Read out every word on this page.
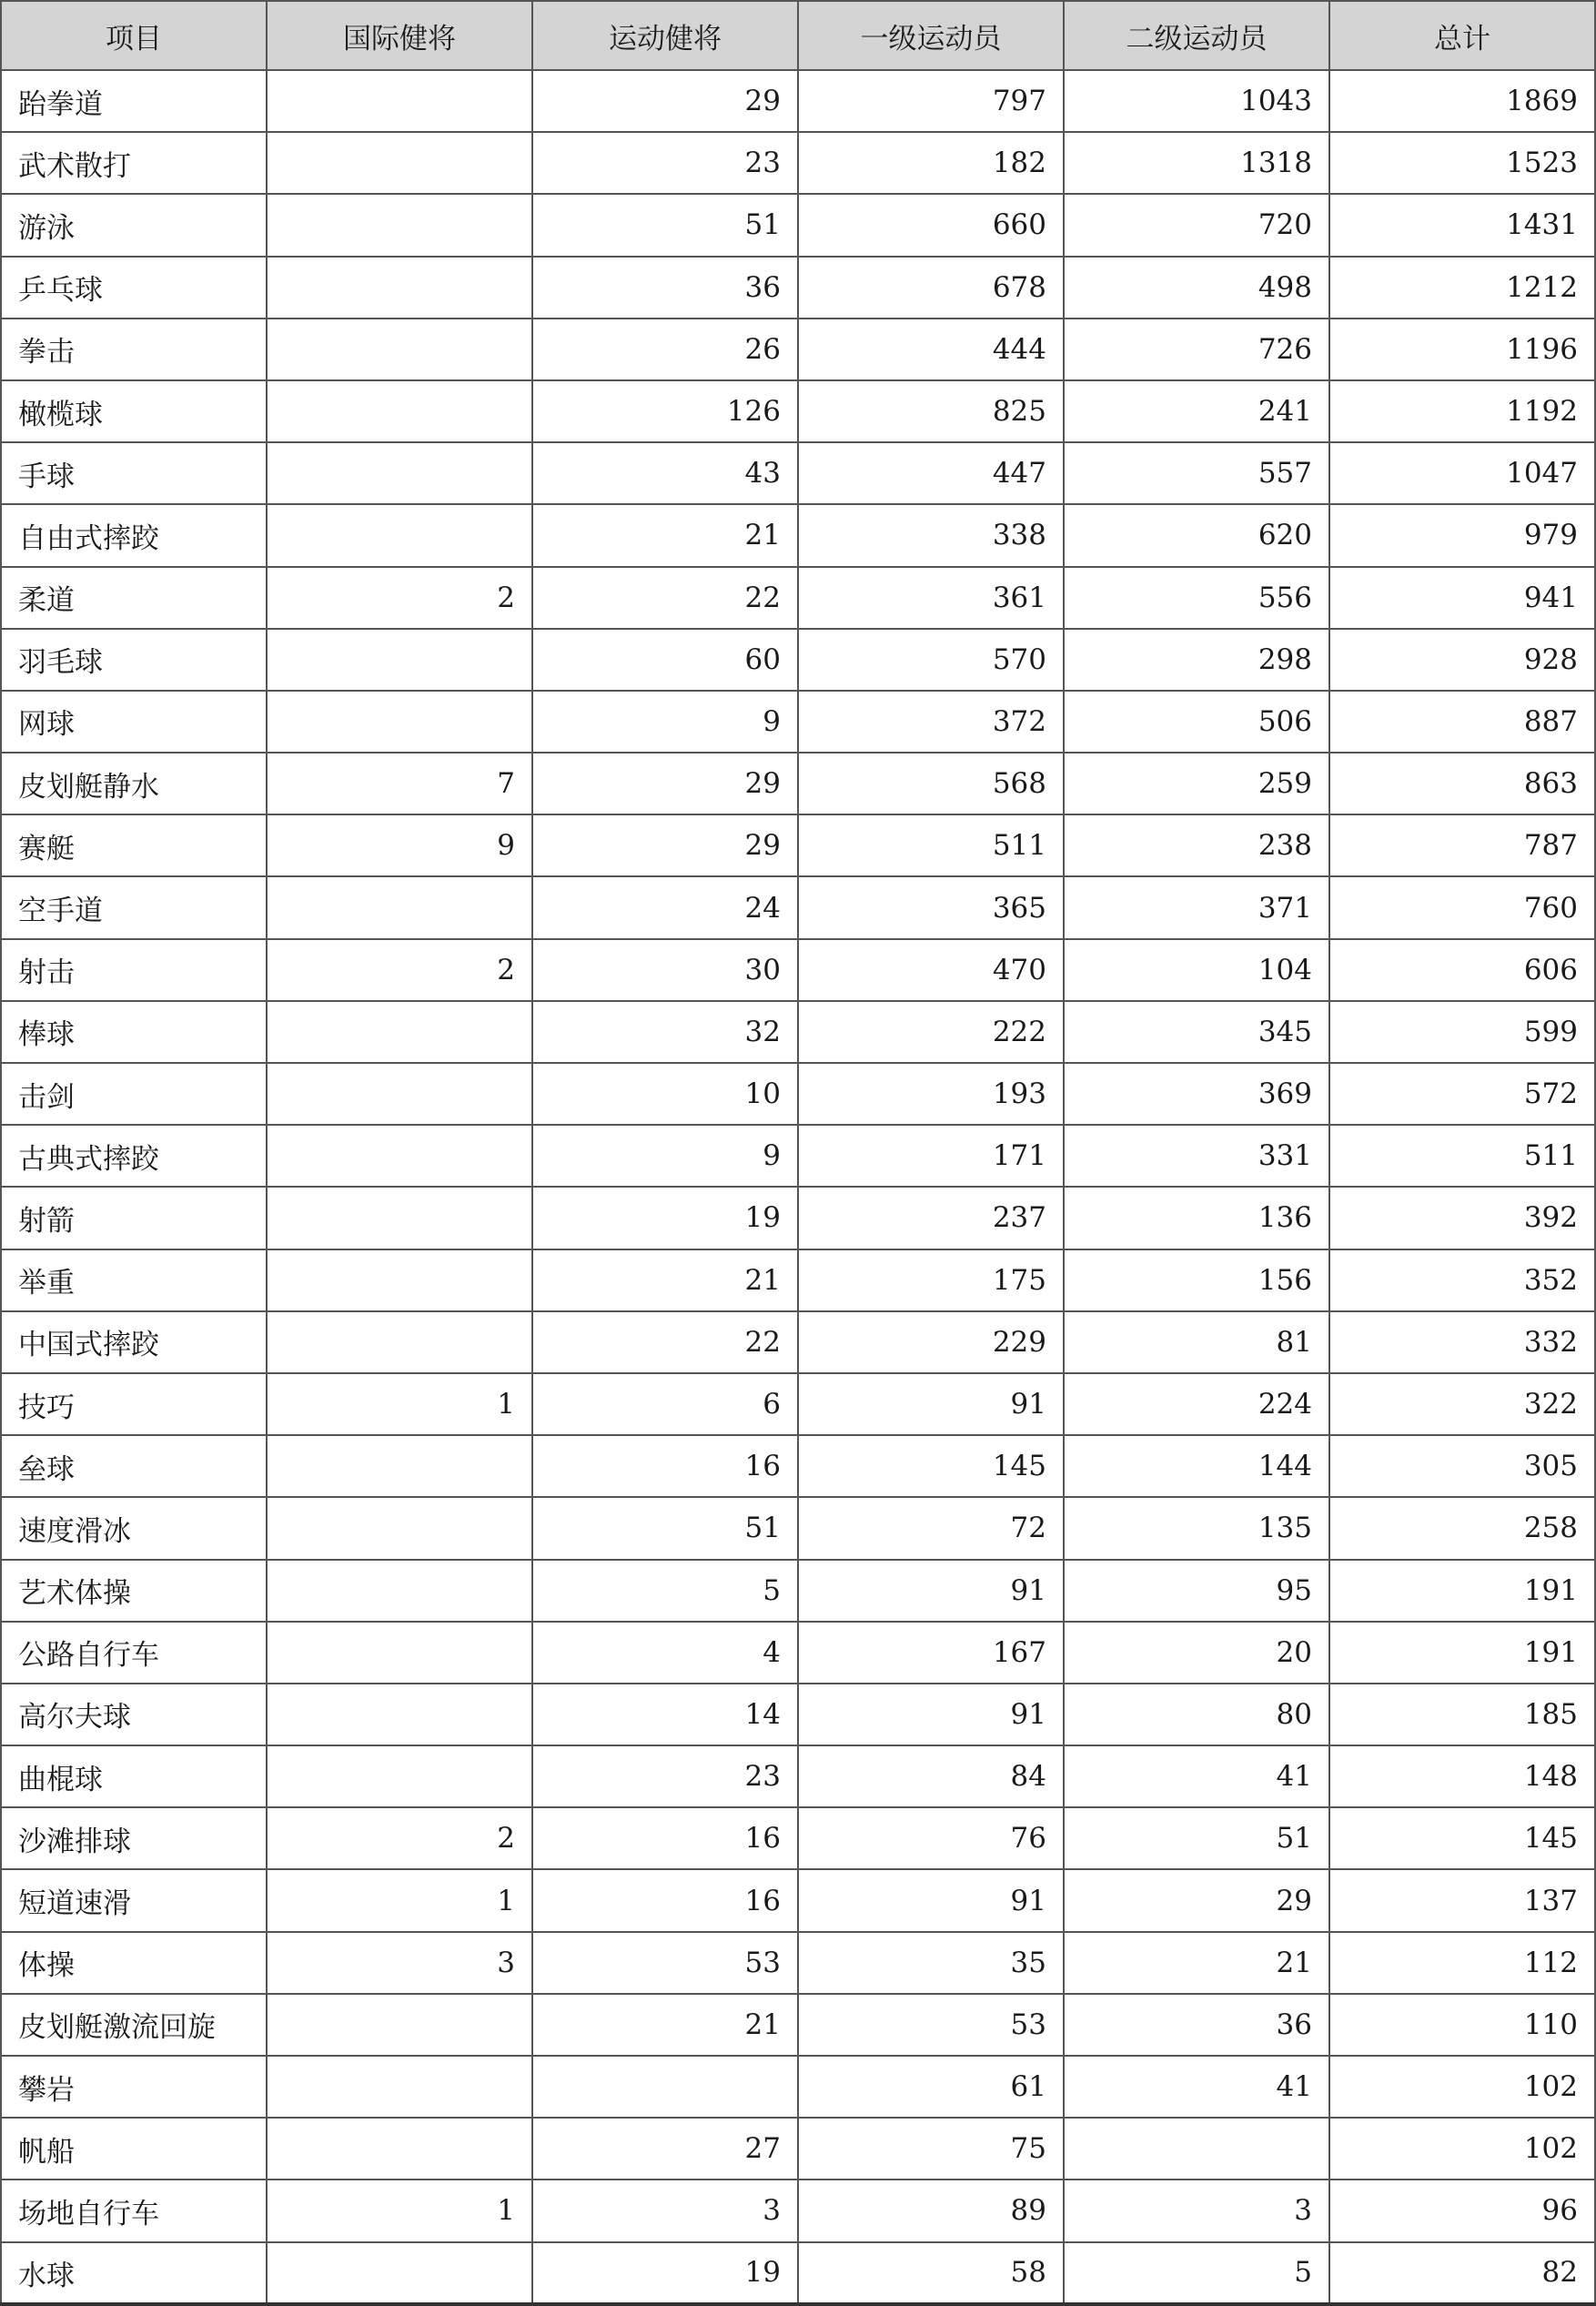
项目	国际健将	运动健将	一级运动员	二级运动员	总计
跆拳道		29	797	1043	1869
武术散打		23	182	1318	1523
游泳		51	660	720	1431
乒乓球		36	678	498	1212
拳击		26	444	726	1196
橄榄球		126	825	241	1192
手球		43	447	557	1047
自由式摔跤		21	338	620	979
柔道	2	22	361	556	941
羽毛球		60	570	298	928
网球		9	372	506	887
皮划艇静水	7	29	568	259	863
赛艇	9	29	511	238	787
空手道		24	365	371	760
射击	2	30	470	104	606
棒球		32	222	345	599
击剑		10	193	369	572
古典式摔跤		9	171	331	511
射箭		19	237	136	392
举重		21	175	156	352
中国式摔跤		22	229	81	332
技巧	1	6	91	224	322
垒球		16	145	144	305
速度滑冰		51	72	135	258
艺术体操		5	91	95	191
公路自行车		4	167	20	191
高尔夫球		14	91	80	185
曲棍球		23	84	41	148
沙滩排球	2	16	76	51	145
短道速滑	1	16	91	29	137
体操	3	53	35	21	112
皮划艇激流回旋		21	53	36	110
攀岩			61	41	102
帆船		27	75		102
场地自行车	1	3	89	3	96
水球		19	58	5	82
